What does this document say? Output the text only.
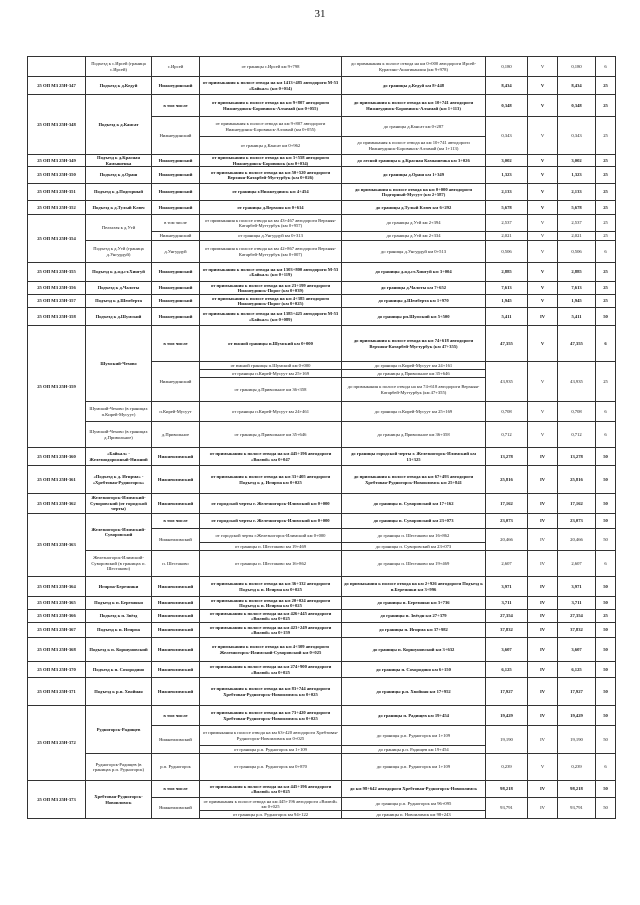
31
	Подъезд к с.Ирсей (граница с.Ирсей)	с.Ирсей	от границы с.Ирсей км 9+798	до примыкания к полосе отвода на км 0+000 автодороги Ирсей-Курагино-Ашагиканлия (км 9+978)	0,180	V	0,180	6
25 ОП МЗ 25Н-347	Подъезд к д.Кедуй	Нижнеудинский	от примыкания к полосе отвода на км 1413+485 автодороги М-53 «Байкал» (км 0+014)	до границы д.Кедуй км 8+448	8,434	V	8,434	25
25 ОП МЗ 25Н-348	Подъезд к д.Кансат	в том числе	от примыкания к полосе отвода на км 9+807 автодороги Нижнеудинск-Боровинск-Алзамай (км 0+055)	до примыкания к полосе отвода на км 10+741 автодороги Нижнеудинск-Боровинск-Алзамай (км 1+113)	0,348	V	0,348	25
		Нижнеудинский	от примыкания к полосе отвода на км 9+807 автодороги Нижнеудинск-Боровинск-Алзамай (км 0+055)	до границы д.Кансат км 0+287	0,343	V	0,343	25
			от границы д.Кансат км 0+962	до примыкания к полосе отвода на км 10+741 автодороги Нижнеудинск-Боровинск-Алзамай (км 1+113)				
25 ОП МЗ 25Н-349	Подъезд к д.Красная Камышенка	Нижнеудинский	от примыкания к полосе отвода на км 3+558 автодороги Нижнеудинск-Боровинск (км 0+034)	до лесной границы к д.Красная Камышенка км 3+026	3,002	V	3,002	25
25 ОП МЗ 25Н-350	Подъезд к д.Ораш	Нижнеудинский	от примыкания к полосе отвода на км 50+520 автодороги Верхняя-Катарбей-Мугтурбук (км 0+026)	до границы д.Ораш км 1+349	1,323	V	1,323	25
25 ОП МЗ 25Н-351	Подъезд к д.Подгорный	Нижнеудинский	от границы г.Нижнеудинск км 4+454	до примыкания к полосе отвода на км 0+000 автодороги Подгорный-Мусуут (км 2+587)	2,133	V	2,133	25
25 ОП МЗ 25Н-352	Подъезд к д.Тулый Ключ	Нижнеудинский	от границы д.Верхняя км 0+614	до границы д.Тулый Ключ км 6+292	5,678	V	5,678	25
25 ОП МЗ 25Н-354	Пельтазя к д.Утй	в том числе	от примыкания к полосе отвода на км 43+467 автодороги Верхняя-Катарбей-Мугтурбук (км 0+957)	до границы д.Утй км 2+394	2,537	V	2,537	25
		Нижнеудинский	от границы д.Унгурдуй км 0+313	до границы д.Утй км 2+334	2,021	V	2,021	25
	Подъезд к д.Утй (граница д.Унгурдуй)	д.Унгурдуй	от примыкания к полосе отвода на км 42+867 автодороги Верхняя-Катарбей-Мугтурбук (км 0+007)	до границы д.Унгурдуй км 0+513	0,506	V	0,506	6
25 ОП МЗ 25Н-355	Подъезд к д.жд.ст.Хингуй	Нижнеудинский	от примыкания к полосе отвода на км 1303+800 автодороги М-53 «Байкал» (км 0+119)	до границы д.жд.ст.Хингуй км 3+004	2,885	V	2,885	25
25 ОП МЗ 25Н-356	Подъезд к д.Чалоты	Нижнеудинский	от примыкания к полосе отвода на км 23+199 автодороги Нижнеудинск-Порог (км 0+039)	до границы д.Чалоты км 7+652	7,613	V	7,613	25
25 ОП МЗ 25Н-357	Подъезд к д.Шемберта	Нижнеудинский	от примыкания к полосе отвода на км 4+385 автодороги Нижнеудинск-Порог (км 0+025)	до границы д.Шемберта км 1+970	1,945	V	1,945	25
25 ОП МЗ 25Н-358	Подъезд к д.Шумский	Нижнеудинский	от примыкания к полосе отвода на км 1385+425 автодороги М-53 «Байкал» (км 0+089)	до границы рп.Шумский км 5+500	5,411	IV	5,411	50
25 ОП МЗ 25Н-359	Шумский-Чехово	в том числе	от южной границы п.Шумский км 0+000	до примыкания к полосе отвода на км 74+618 автодороги Верхняя-Катарбей-Мугтурбук (км 47+355)	47,355	V	47,355	6
		Нижнеудинский	от южной границы п.Шумский км 0+000	до границы п.Кирей-Мусуут км 24+161	43,935	V	43,935	25
			от границы п.Кирей-Мусуут км 25+169	до границы д.Привольное км 35+646				
			от границы д.Привольное км 36+358	до примыкания к полосе отвода на км 74+618 автодороги Верхняя-Катарбей-Мугтурбук (км 47+355)				

	Шумский-Чехово (в границах п.Кирей-Мусуут)	п.Кирей-Мусуут	от границы п.Кирей-Мусуут км 24+461	до границы п.Кирей-Мусуут км 25+169	0,708	V	0,708	6
	Шумский-Чехово (в границах д.Привольное)	д.Привольное	от границы д.Привольное км 35+646	до границы д.Привольное км 36+358	0,712	V	0,712	6
25 ОП МЗ 25Н-360	«Байкал» - Железнодорожный-Нижний	Нижнеилимский	от примыкания к полосе отвода на км 445+196 автодороги «Вилюй» км 0+047	до границы городской черты г. Железногорск-Илимский км 13+325	13,278	IV	13,278	50
25 ОП МЗ 25Н-361	«Подъезд к д. Игирма» - «Хребтовая-Рудногорск»	Нижнеилимский	от примыкания к полосе отвода на км 33+405 автодороги Подъезд к д. Игирма км 0+025	до примыкания к полосе отвода на км 67+493 автодороги Хребтовая-Рудногорск-Новоилимск км 25+841	25,816	IV	25,816	50
25 ОП МЗ 25Н-362	Железногорск-Илимский-Суворовский (от городской черты)	Нижнеилимский	от городской черты г. Железногорск-Илимский км 0+000	до границы п. Суворовский км 17+162	17,162	IV	17,162	50
25 ОП МЗ 25Н-363	Железногорск-Илимский-Суворовский	в том числе	от городской черты г. Железногорск-Илимский км 0+000	до границы п. Суворовский км 23+073	23,073	IV	23,073	50
		Нижнеилимский	от городской черты г.Железногорск-Илимский км 0+000	до границы п. Шестаково км 16+862	20,466	IV	20,466	50
			от границы п. Шестаково км 19+469	до границы п. Суворовский км 23+073				
	Железногорск-Илимский-Суворовский (в границах п. Шестаково)	п. Шестаково	от границы п. Шестаково км 16+862	до границы п. Шестаково км 19+469	2,607	IV	2,607	6
25 ОП МЗ 25Н-364	Игирма-Березняки	Нижнеилимский	от примыкания к полосе отвода на км 36+332 автодороги Подъезд к п. Игирма км 0+025	до примыкания к полосе отвода на км 2+926 автодороги Подъезд к п.Березняки км 3+996	3,971	IV	3,971	50
25 ОП МЗ 25Н-365	Подъезд к п. Березняки	Нижнеилимский	от примыкания к полосе отвода на км 20+024 автодороги Подъезд к п. Игирма км 0+025	до границы п. Березняки км 3+736	3,711	IV	3,711	50
25 ОП МЗ 25Н-366	Подъезд к п. Звёзд	Нижнеилимский	от примыкания к полосе отвода на км 426+445 автодороги «Вилюй» км 0+025	до границы п. Звёздн км 27+379	27,354	IV	27,354	25
25 ОП МЗ 25Н-367	Подъезд к п. Игирма	Нижнеилимский	от примыкания к полосе отвода на км 423+249 автодороги «Вилюй» км 0+159	до границы п. Игирма км 37+982	37,832	IV	37,832	50
25 ОП МЗ 25Н-368	Подъезд к п. Коршуновский	Нижнеилимский	от примыкания к полосе отвода на км 4+309 автодороги Железногорск-Илимский-Суворовский км 0+025	до границы п. Коршуновский км 3+632	3,607	IV	3,607	50
25 ОП МЗ 25Н-370	Подъезд к п. Сохородино	Нижнеилимский	от примыкания к полосе отвода на км 274+900 автодороги «Вилюй» км 0+025	до границы п. Сохородино км 6+150	6,125	IV	6,125	50
25 ОП МЗ 25Н-371	Подъезд к р.п. Хвойная	Нижнеилимский	от примыкания к полосе отвода на км 83+744 автодороги Хребтовая-Рудногорск-Новоилимск км 0+025	до границы р.п. Хвойная км 17+952	17,927	IV	17,927	50
25 ОП МЗ 25Н-372	Рудногорск-Радищев	в том числе	от примыкания к полосе отвода на км 73+420 автодороги Хребтовая-Рудногорск-Новоилимск км 0+025	до границы п. Радищев км 19+454	19,429	IV	19,429	50
		Нижнеилимский	от примыкания к полосе отвода на км 63+420 автодороги Хребтовая-Рудногорск-Новоилимск км 0+025	до границы р.п. Рудногорск км 1+109	19,190	IV	19,190	50
			от границы р.п. Рудногорск км 1+109	до границы р.п. Радищев км 19+454				
	Рудногорск-Радищев (в границах р.п. Рудногорск)	р.п. Рудногорск	от границы р.п. Рудногорск км 0+870	до границы р.п. Рудногорск км 1+109	0,239	V	0,239	6
25 ОП МЗ 25Н-373	Хребтовая-Рудногорск-Новоилимск	в том числе	от примыкания к полосе отвода на км 445+196 автодороги «Вилюй» км 0+025	до км 98+642 автодороги Хребтовая-Рудногорск-Новоилимск	98,218	IV	98,218	50
		Нижнеилимский	от примыкания к полосе отвода на км 445+196 автодороги «Вилюй» км 0+025	до границы р.п. Рудногорск км 96+095	93,791	IV	93,791	50
			от границы р.п. Рудногорск км 94+122	до границы п. Новоилимск км 98+243				
